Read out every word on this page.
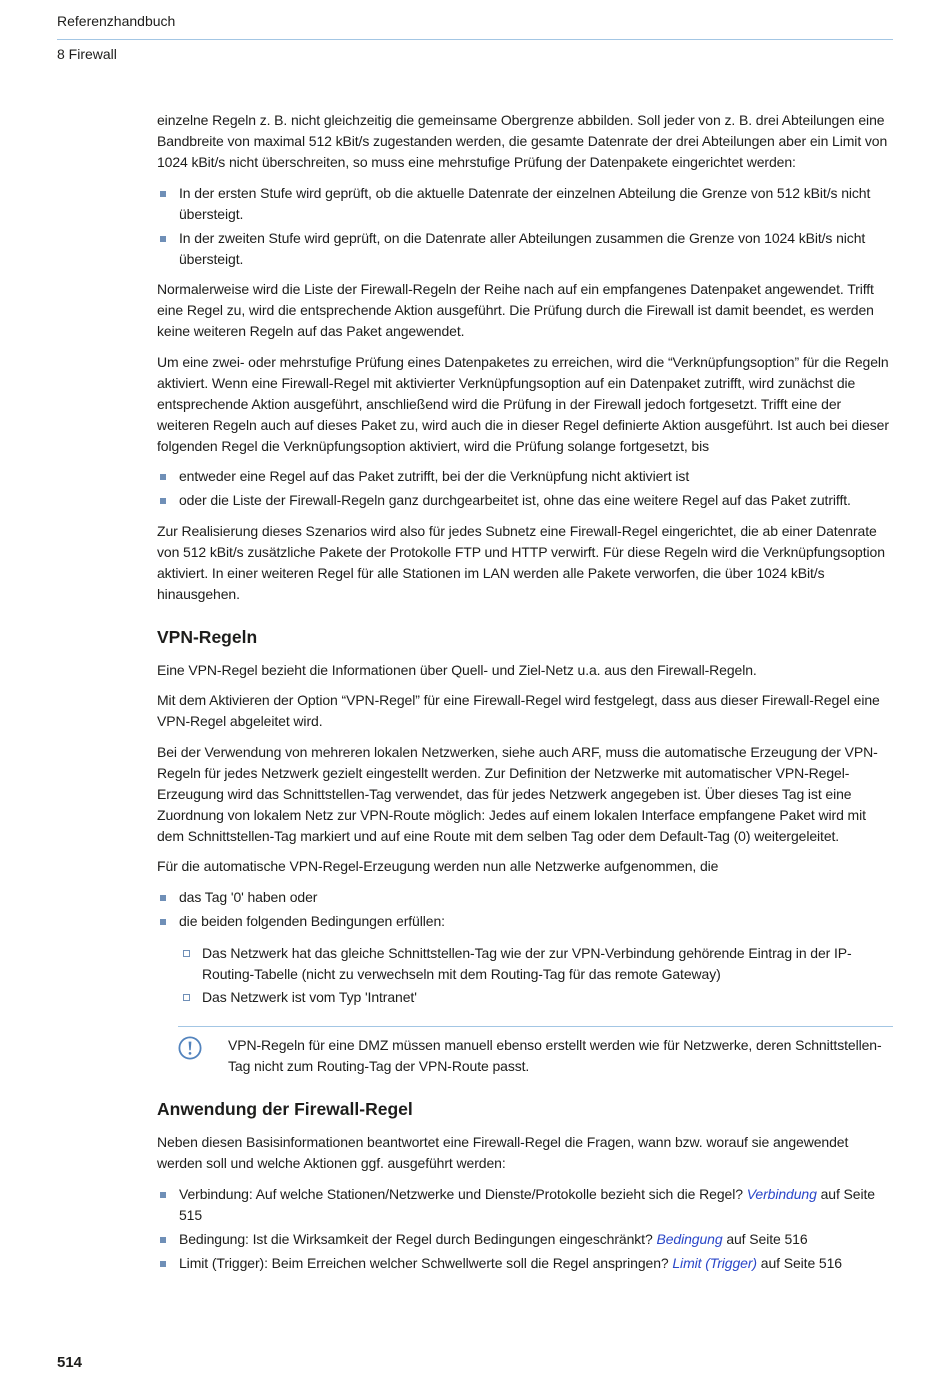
Referenzhandbuch
8 Firewall

einzelne Regeln z. B. nicht gleichzeitig die gemeinsame Obergrenze abbilden. Soll jeder von z. B. drei Abteilungen eine Bandbreite von maximal 512 kBit/s zugestanden werden, die gesamte Datenrate der drei Abteilungen aber ein Limit von 1024 kBit/s nicht überschreiten, so muss eine mehrstufige Prüfung der Datenpakete eingerichtet werden:

In der ersten Stufe wird geprüft, ob die aktuelle Datenrate der einzelnen Abteilung die Grenze von 512 kBit/s nicht übersteigt.
In der zweiten Stufe wird geprüft, on die Datenrate aller Abteilungen zusammen die Grenze von 1024 kBit/s nicht übersteigt.

Normalerweise wird die Liste der Firewall-Regeln der Reihe nach auf ein empfangenes Datenpaket angewendet. Trifft eine Regel zu, wird die entsprechende Aktion ausgeführt. Die Prüfung durch die Firewall ist damit beendet, es werden keine weiteren Regeln auf das Paket angewendet.

Um eine zwei- oder mehrstufige Prüfung eines Datenpaketes zu erreichen, wird die “Verknüpfungsoption” für die Regeln aktiviert. Wenn eine Firewall-Regel mit aktivierter Verknüpfungsoption auf ein Datenpaket zutrifft, wird zunächst die entsprechende Aktion ausgeführt, anschließend wird die Prüfung in der Firewall jedoch fortgesetzt. Trifft eine der weiteren Regeln auch auf dieses Paket zu, wird auch die in dieser Regel definierte Aktion ausgeführt. Ist auch bei dieser folgenden Regel die Verknüpfungsoption aktiviert, wird die Prüfung solange fortgesetzt, bis

entweder eine Regel auf das Paket zutrifft, bei der die Verknüpfung nicht aktiviert ist
oder die Liste der Firewall-Regeln ganz durchgearbeitet ist, ohne das eine weitere Regel auf das Paket zutrifft.

Zur Realisierung dieses Szenarios wird also für jedes Subnetz eine Firewall-Regel eingerichtet, die ab einer Datenrate von 512 kBit/s zusätzliche Pakete der Protokolle FTP und HTTP verwirft. Für diese Regeln wird die Verknüpfungsoption aktiviert. In einer weiteren Regel für alle Stationen im LAN werden alle Pakete verworfen, die über 1024 kBit/s hinausgehen.

VPN-Regeln

Eine VPN-Regel bezieht die Informationen über Quell- und Ziel-Netz u.a. aus den Firewall-Regeln.

Mit dem Aktivieren der Option “VPN-Regel” für eine Firewall-Regel wird festgelegt, dass aus dieser Firewall-Regel eine VPN-Regel abgeleitet wird.

Bei der Verwendung von mehreren lokalen Netzwerken, siehe auch ARF, muss die automatische Erzeugung der VPN-Regeln für jedes Netzwerk gezielt eingestellt werden. Zur Definition der Netzwerke mit automatischer VPN-Regel-Erzeugung wird das Schnittstellen-Tag verwendet, das für jedes Netzwerk angegeben ist. Über dieses Tag ist eine Zuordnung von lokalem Netz zur VPN-Route möglich: Jedes auf einem lokalen Interface empfangene Paket wird mit dem Schnittstellen-Tag markiert und auf eine Route mit dem selben Tag oder dem Default-Tag (0) weitergeleitet.

Für die automatische VPN-Regel-Erzeugung werden nun alle Netzwerke aufgenommen, die

das Tag '0' haben oder
die beiden folgenden Bedingungen erfüllen:
Das Netzwerk hat das gleiche Schnittstellen-Tag wie der zur VPN-Verbindung gehörende Eintrag in der IP-Routing-Tabelle (nicht zu verwechseln mit dem Routing-Tag für das remote Gateway)
Das Netzwerk ist vom Typ 'Intranet'
VPN-Regeln für eine DMZ müssen manuell ebenso erstellt werden wie für Netzwerke, deren Schnittstellen-Tag nicht zum Routing-Tag der VPN-Route passt.
Anwendung der Firewall-Regel

Neben diesen Basisinformationen beantwortet eine Firewall-Regel die Fragen, wann bzw. worauf sie angewendet werden soll und welche Aktionen ggf. ausgeführt werden:

Verbindung: Auf welche Stationen/Netzwerke und Dienste/Protokolle bezieht sich die Regel? Verbindung auf Seite 515
Bedingung: Ist die Wirksamkeit der Regel durch Bedingungen eingeschränkt? Bedingung auf Seite 516
Limit (Trigger): Beim Erreichen welcher Schwellwerte soll die Regel anspringen? Limit (Trigger) auf Seite 516
514
